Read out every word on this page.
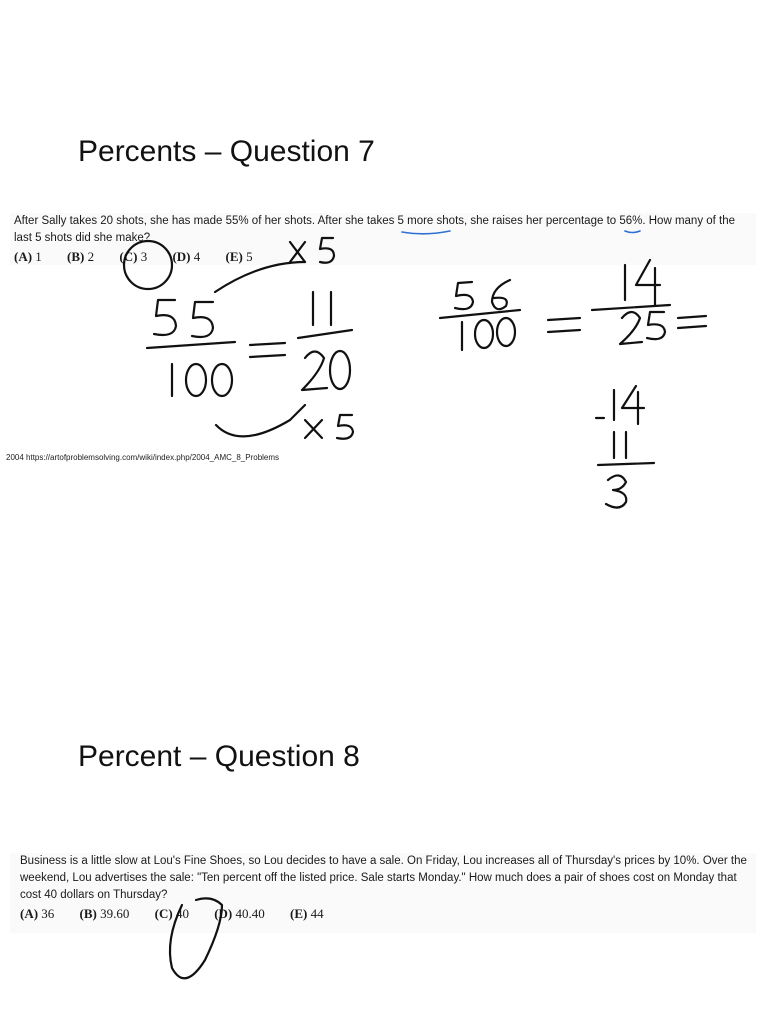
Percents – Question 7
After Sally takes 20 shots, she has made 55% of her shots. After she takes 5 more shots, she raises her percentage to 56%. How many of the
last 5 shots did she make?
(A) 1 (B) 2 (C) 3 (D) 4 (E) 5
2004 https://artofproblemsolving.com/wiki/index.php/2004_AMC_8_Problems
Percent – Question 8
Business is a little slow at Lou's Fine Shoes, so Lou decides to have a sale. On Friday, Lou increases all of Thursday's prices by 10%. Over the
weekend, Lou advertises the sale: "Ten percent off the listed price. Sale starts Monday." How much does a pair of shoes cost on Monday that
cost 40 dollars on Thursday?
(A) 36 (B) 39.60 (C) 40 (D) 40.40 (E) 44
